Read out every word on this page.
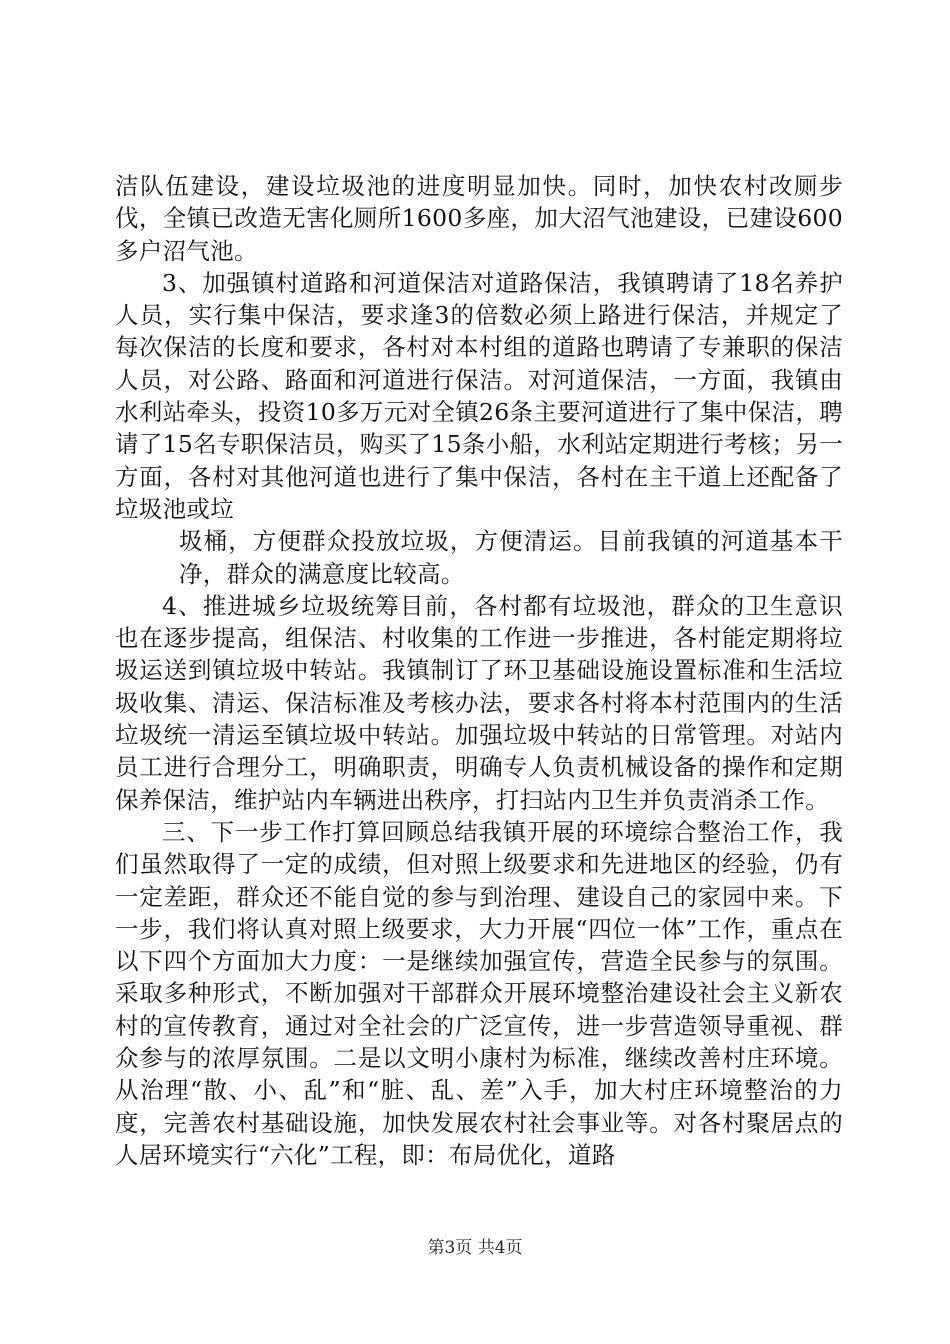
洁队伍建设，建设垃圾池的进度明显加快。同时，加快农村改厕步伐，全镇已改造无害化厕所1600多座，加大沼气池建设，已建设600多户沼气池。

3、加强镇村道路和河道保洁对道路保洁，我镇聘请了18名养护人员，实行集中保洁，要求逢3的倍数必须上路进行保洁，并规定了每次保洁的长度和要求，各村对本村组的道路也聘请了专兼职的保洁人员，对公路、路面和河道进行保洁。对河道保洁，一方面，我镇由水利站牵头，投资10多万元对全镇26条主要河道进行了集中保洁，聘请了15名专职保洁员，购买了15条小船，水利站定期进行考核；另一方面，各村对其他河道也进行了集中保洁，各村在主干道上还配备了垃圾池或垃

圾桶，方便群众投放垃圾，方便清运。目前我镇的河道基本干净，群众的满意度比较高。

4、推进城乡垃圾统筹目前，各村都有垃圾池，群众的卫生意识也在逐步提高，组保洁、村收集的工作进一步推进，各村能定期将垃圾运送到镇垃圾中转站。我镇制订了环卫基础设施设置标准和生活垃圾收集、清运、保洁标准及考核办法，要求各村将本村范围内的生活垃圾统一清运至镇垃圾中转站。加强垃圾中转站的日常管理。对站内员工进行合理分工，明确职责，明确专人负责机械设备的操作和定期保养保洁，维护站内车辆进出秩序，打扫站内卫生并负责消杀工作。

三、下一步工作打算回顾总结我镇开展的环境综合整治工作，我们虽然取得了一定的成绩，但对照上级要求和先进地区的经验，仍有一定差距，群众还不能自觉的参与到治理、建设自己的家园中来。下一步，我们将认真对照上级要求，大力开展“四位一体”工作，重点在以下四个方面加大力度：一是继续加强宣传，营造全民参与的氛围。采取多种形式，不断加强对干部群众开展环境整治建设社会主义新农村的宣传教育，通过对全社会的广泛宣传，进一步营造领导重视、群众参与的浓厚氛围。二是以文明小康村为标准，继续改善村庄环境。从治理“散、小、乱”和“脏、乱、差”入手，加大村庄环境整治的力度，完善农村基础设施，加快发展农村社会事业等。对各村聚居点的人居环境实行“六化”工程，即：布局优化，道路

第3页 共4页
